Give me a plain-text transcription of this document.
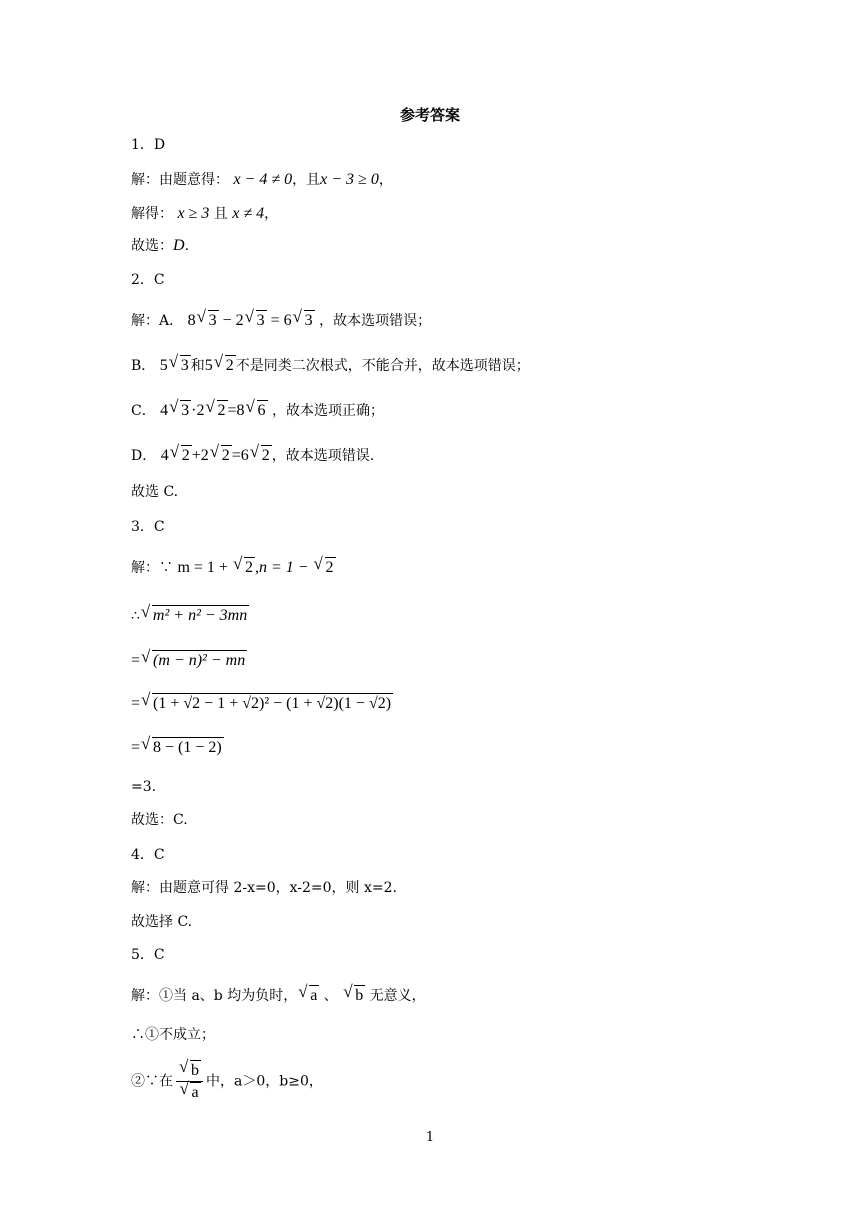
参考答案
1．D
解：由题意得： x − 4 ≠ 0，且x − 3 ≥ 0，
解得： x ≥ 3 且 x ≠ 4，
故选：D.
2．C
解：A． 8 √ 3 − 2 √ 3 = 6 √ 3 ，故本选项错误；
B． 5 √ 3 和5 √ 2 不是同类二次根式，不能合并，故本选项错误；
C． 4 √ 3 ·2 √ 2 =8 √ 6 ，故本选项正确；
D． 4 √ 2 +2 √ 2 =6 √ 2 ，故本选项错误.
故选 C.
3．C
解：∵ m = 1 + √ 2 ,n = 1 − √ 2
∴ √ m² + n² − 3mn
= √ (m − n)² − mn
= √ (1 + √2 − 1 + √2)² − (1 + √2)(1 − √2)
= √ 8 − (1 − 2)
=3.
故选：C.
4．C
解：由题意可得 2-x=0，x-2=0，则 x=2.
故选择 C.
5．C
解：①当 a、b 均为负时， √ a 、 √ b 无意义，
∴①不成立；
②∵在 $\frac{√ b}{√ a}$ 中，a＞0，b≥0，
1
